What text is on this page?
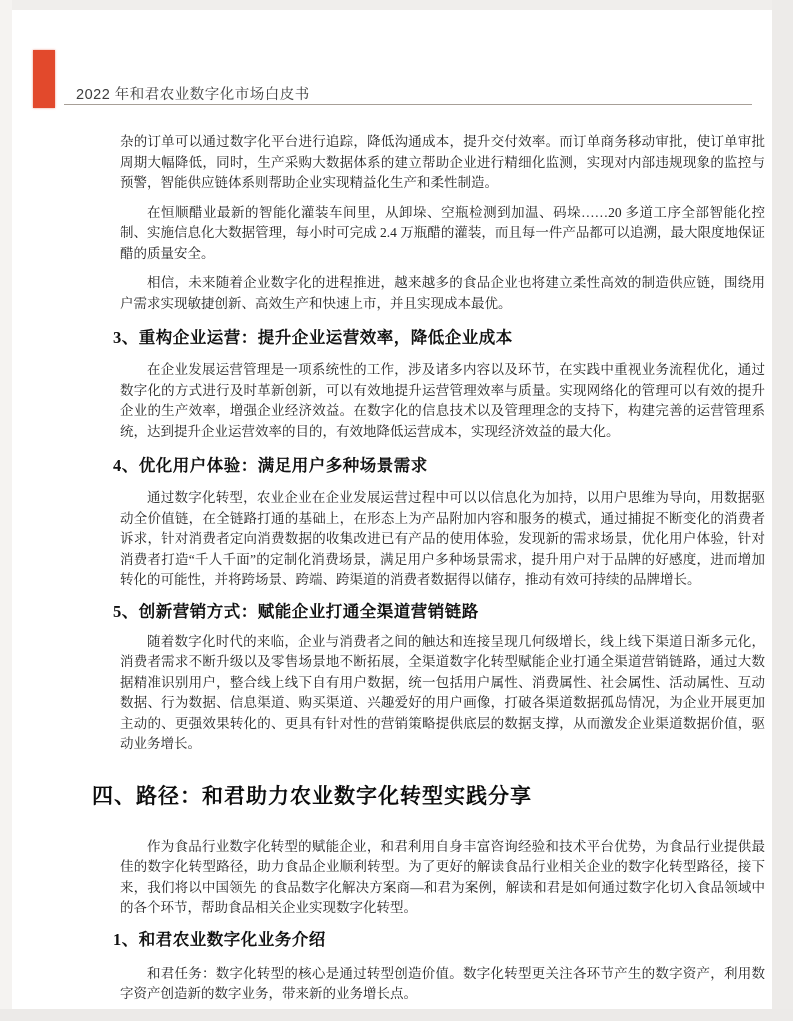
2022 年和君农业数字化市场白皮书

杂的订单可以通过数字化平台进行追踪，降低沟通成本，提升交付效率。而订单商务移动审批，使订单审批周期大幅降低，同时，生产采购大数据体系的建立帮助企业进行精细化监测，实现对内部违规现象的监控与预警，智能供应链体系则帮助企业实现精益化生产和柔性制造。

在恒顺醋业最新的智能化灌装车间里，从卸垛、空瓶检测到加温、码垛……20 多道工序全部智能化控制、实施信息化大数据管理，每小时可完成 2.4 万瓶醋的灌装，而且每一件产品都可以追溯，最大限度地保证醋的质量安全。

相信，未来随着企业数字化的进程推进，越来越多的食品企业也将建立柔性高效的制造供应链，围绕用户需求实现敏捷创新、高效生产和快速上市，并且实现成本最优。

3、重构企业运营：提升企业运营效率，降低企业成本

在企业发展运营管理是一项系统性的工作，涉及诸多内容以及环节，在实践中重视业务流程优化，通过数字化的方式进行及时革新创新，可以有效地提升运营管理效率与质量。实现网络化的管理可以有效的提升企业的生产效率，增强企业经济效益。在数字化的信息技术以及管理理念的支持下，构建完善的运营管理系统，达到提升企业运营效率的目的，有效地降低运营成本，实现经济效益的最大化。

4、优化用户体验：满足用户多种场景需求

通过数字化转型，农业企业在企业发展运营过程中可以以信息化为加持，以用户思维为导向，用数据驱动全价值链，在全链路打通的基础上，在形态上为产品附加内容和服务的模式，通过捕捉不断变化的消费者诉求，针对消费者定向消费数据的收集改进已有产品的使用体验，发现新的需求场景，优化用户体验，针对消费者打造“千人千面”的定制化消费场景，满足用户多种场景需求，提升用户对于品牌的好感度，进而增加转化的可能性，并将跨场景、跨端、跨渠道的消费者数据得以储存，推动有效可持续的品牌增长。

5、创新营销方式：赋能企业打通全渠道营销链路

随着数字化时代的来临，企业与消费者之间的触达和连接呈现几何级增长，线上线下渠道日渐多元化，消费者需求不断升级以及零售场景地不断拓展，全渠道数字化转型赋能企业打通全渠道营销链路，通过大数据精准识别用户，整合线上线下自有用户数据，统一包括用户属性、消费属性、社会属性、活动属性、互动数据、行为数据、信息渠道、购买渠道、兴趣爱好的用户画像，打破各渠道数据孤岛情况，为企业开展更加主动的、更强效果转化的、更具有针对性的营销策略提供底层的数据支撑，从而激发企业渠道数据价值，驱动业务增长。

四、路径：和君助力农业数字化转型实践分享

作为食品行业数字化转型的赋能企业，和君利用自身丰富咨询经验和技术平台优势，为食品行业提供最佳的数字化转型路径，助力食品企业顺利转型。为了更好的解读食品行业相关企业的数字化转型路径，接下来，我们将以中国领先 的食品数字化解决方案商—和君为案例，解读和君是如何通过数字化切入食品领域中的各个环节，帮助食品相关企业实现数字化转型。

1、和君农业数字化业务介绍

和君任务：数字化转型的核心是通过转型创造价值。数字化转型更关注各环节产生的数字资产，利用数字资产创造新的数字业务，带来新的业务增长点。
